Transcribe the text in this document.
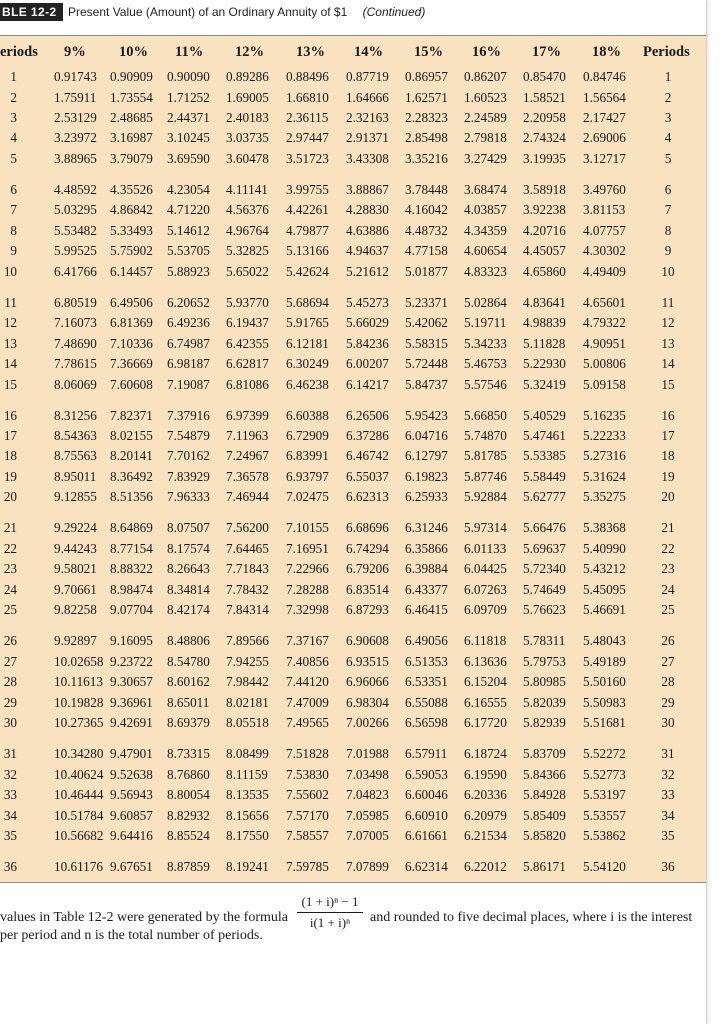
BLE 12-2 Present Value (Amount) of an Ordinary Annuity of $1 (Continued)
eriods 9% 10% 11% 12% 13% 14% 15% 16% 17% 18% Periods
1	0.91743 0.90909 0.90090 0.89286 0.88496 0.87719 0.86957 0.86207 0.85470 0.84746	1
2	1.75911 1.73554 1.71252 1.69005 1.66810 1.64666 1.62571 1.60523 1.58521 1.56564	2
3	2.53129 2.48685 2.44371 2.40183 2.36115 2.32163 2.28323 2.24589 2.20958 2.17427	3
4	3.23972 3.16987 3.10245 3.03735 2.97447 2.91371 2.85498 2.79818 2.74324 2.69006	4
5	3.88965 3.79079 3.69590 3.60478 3.51723 3.43308 3.35216 3.27429 3.19935 3.12717	5
6	4.48592 4.35526 4.23054 4.11141 3.99755 3.88867 3.78448 3.68474 3.58918 3.49760	6
7	5.03295 4.86842 4.71220 4.56376 4.42261 4.28830 4.16042 4.03857 3.92238 3.81153	7
8	5.53482 5.33493 5.14612 4.96764 4.79877 4.63886 4.48732 4.34359 4.20716 4.07757	8
9	5.99525 5.75902 5.53705 5.32825 5.13166 4.94637 4.77158 4.60654 4.45057 4.30302	9
10	6.41766 6.14457 5.88923 5.65022 5.42624 5.21612 5.01877 4.83323 4.65860 4.49409	10
11	6.80519 6.49506 6.20652 5.93770 5.68694 5.45273 5.23371 5.02864 4.83641 4.65601	11
12	7.16073 6.81369 6.49236 6.19437 5.91765 5.66029 5.42062 5.19711 4.98839 4.79322	12
13	7.48690 7.10336 6.74987 6.42355 6.12181 5.84236 5.58315 5.34233 5.11828 4.90951	13
14	7.78615 7.36669 6.98187 6.62817 6.30249 6.00207 5.72448 5.46753 5.22930 5.00806	14
15	8.06069 7.60608 7.19087 6.81086 6.46238 6.14217 5.84737 5.57546 5.32419 5.09158	15
16	8.31256 7.82371 7.37916 6.97399 6.60388 6.26506 5.95423 5.66850 5.40529 5.16235	16
17	8.54363 8.02155 7.54879 7.11963 6.72909 6.37286 6.04716 5.74870 5.47461 5.22233	17
18	8.75563 8.20141 7.70162 7.24967 6.83991 6.46742 6.12797 5.81785 5.53385 5.27316	18
19	8.95011 8.36492 7.83929 7.36578 6.93797 6.55037 6.19823 5.87746 5.58449 5.31624	19
20	9.12855 8.51356 7.96333 7.46944 7.02475 6.62313 6.25933 5.92884 5.62777 5.35275	20
21	9.29224 8.64869 8.07507 7.56200 7.10155 6.68696 6.31246 5.97314 5.66476 5.38368	21
22	9.44243 8.77154 8.17574 7.64465 7.16951 6.74294 6.35866 6.01133 5.69637 5.40990	22
23	9.58021 8.88322 8.26643 7.71843 7.22966 6.79206 6.39884 6.04425 5.72340 5.43212	23
24	9.70661 8.98474 8.34814 7.78432 7.28288 6.83514 6.43377 6.07263 5.74649 5.45095	24
25	9.82258 9.07704 8.42174 7.84314 7.32998 6.87293 6.46415 6.09709 5.76623 5.46691	25
26	9.92897 9.16095 8.48806 7.89566 7.37167 6.90608 6.49056 6.11818 5.78311 5.48043	26
27	10.02658 9.23722 8.54780 7.94255 7.40856 6.93515 6.51353 6.13636 5.79753 5.49189	27
28	10.11613 9.30657 8.60162 7.98442 7.44120 6.96066 6.53351 6.15204 5.80985 5.50160	28
29	10.19828 9.36961 8.65011 8.02181 7.47009 6.98304 6.55088 6.16555 5.82039 5.50983	29
30	10.27365 9.42691 8.69379 8.05518 7.49565 7.00266 6.56598 6.17720 5.82939 5.51681	30
31	10.34280 9.47901 8.73315 8.08499 7.51828 7.01988 6.57911 6.18724 5.83709 5.52272	31
32	10.40624 9.52638 8.76860 8.11159 7.53830 7.03498 6.59053 6.19590 5.84366 5.52773	32
33	10.46444 9.56943 8.80054 8.13535 7.55602 7.04823 6.60046 6.20336 5.84928 5.53197	33
34	10.51784 9.60857 8.82932 8.15656 7.57170 7.05985 6.60910 6.20979 5.85409 5.53557	34
35	10.56682 9.64416 8.85524 8.17550 7.58557 7.07005 6.61661 6.21534 5.85820 5.53862	35
36	10.61176 9.67651 8.87859 8.19241 7.59785 7.07899 6.62314 6.22012 5.86171 5.54120	36
values in Table 12-2 were generated by the formula
(1 + i)ⁿ − 1
i(1 + i)ⁿ	and rounded to five decimal places, where i is the interest
per period and n is the total number of periods.
